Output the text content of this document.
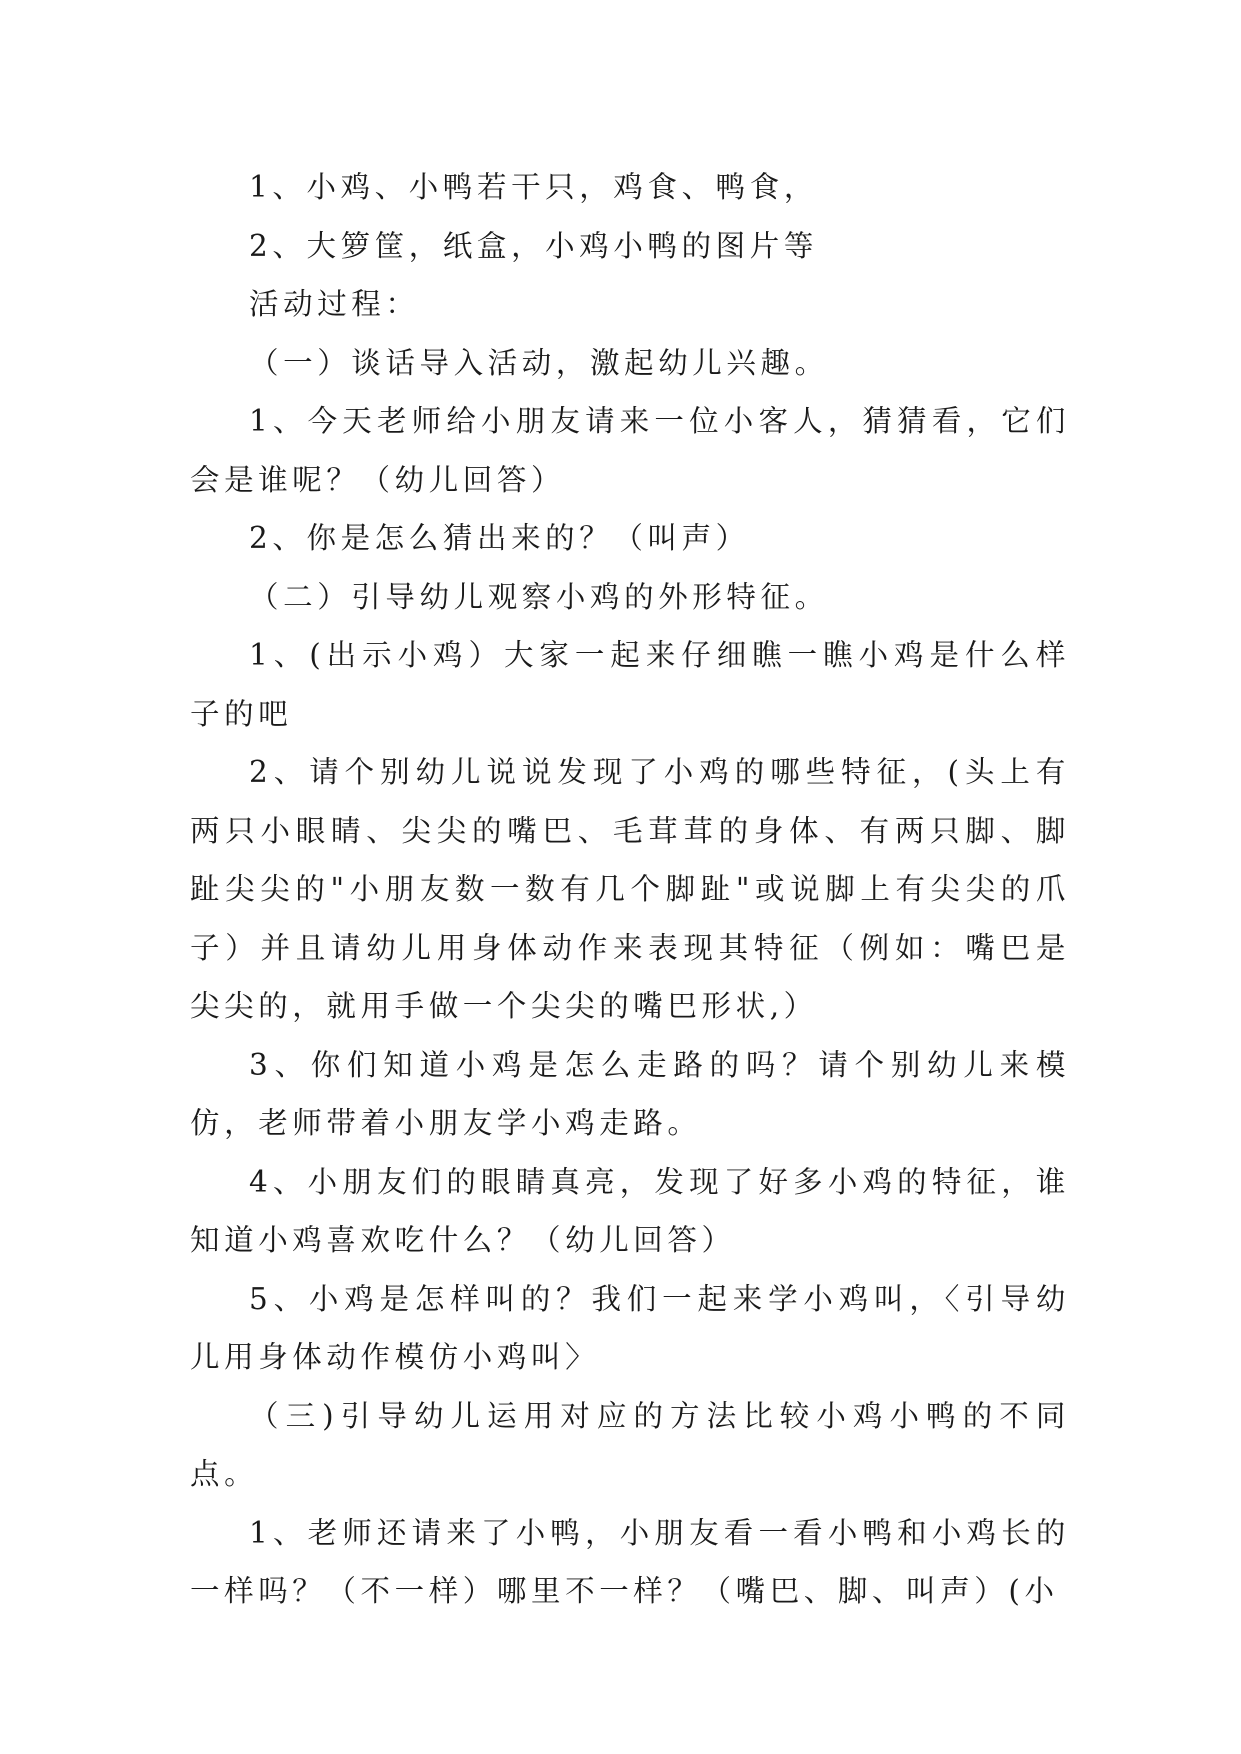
1、小鸡、小鸭若干只，鸡食、鸭食，

2、大箩筐，纸盒，小鸡小鸭的图片等

活动过程：

（一）谈话导入活动，激起幼儿兴趣。

1、今天老师给小朋友请来一位小客人，猜猜看，它们会是谁呢？（幼儿回答）

2、你是怎么猜出来的？（叫声）

（二）引导幼儿观察小鸡的外形特征。

1、(出示小鸡）大家一起来仔细瞧一瞧小鸡是什么样子的吧

2、请个别幼儿说说发现了小鸡的哪些特征，(头上有两只小眼睛、尖尖的嘴巴、毛茸茸的身体、有两只脚、脚趾尖尖的"小朋友数一数有几个脚趾"或说脚上有尖尖的爪子）并且请幼儿用身体动作来表现其特征（例如：嘴巴是尖尖的，就用手做一个尖尖的嘴巴形状,）

3、你们知道小鸡是怎么走路的吗？请个别幼儿来模仿，老师带着小朋友学小鸡走路。

4、小朋友们的眼睛真亮，发现了好多小鸡的特征，谁知道小鸡喜欢吃什么？（幼儿回答）

5、小鸡是怎样叫的？我们一起来学小鸡叫，〈引导幼儿用身体动作模仿小鸡叫〉

（三)引导幼儿运用对应的方法比较小鸡小鸭的不同点。

1、老师还请来了小鸭，小朋友看一看小鸭和小鸡长的一样吗？（不一样）哪里不一样？（嘴巴、脚、叫声）(小
